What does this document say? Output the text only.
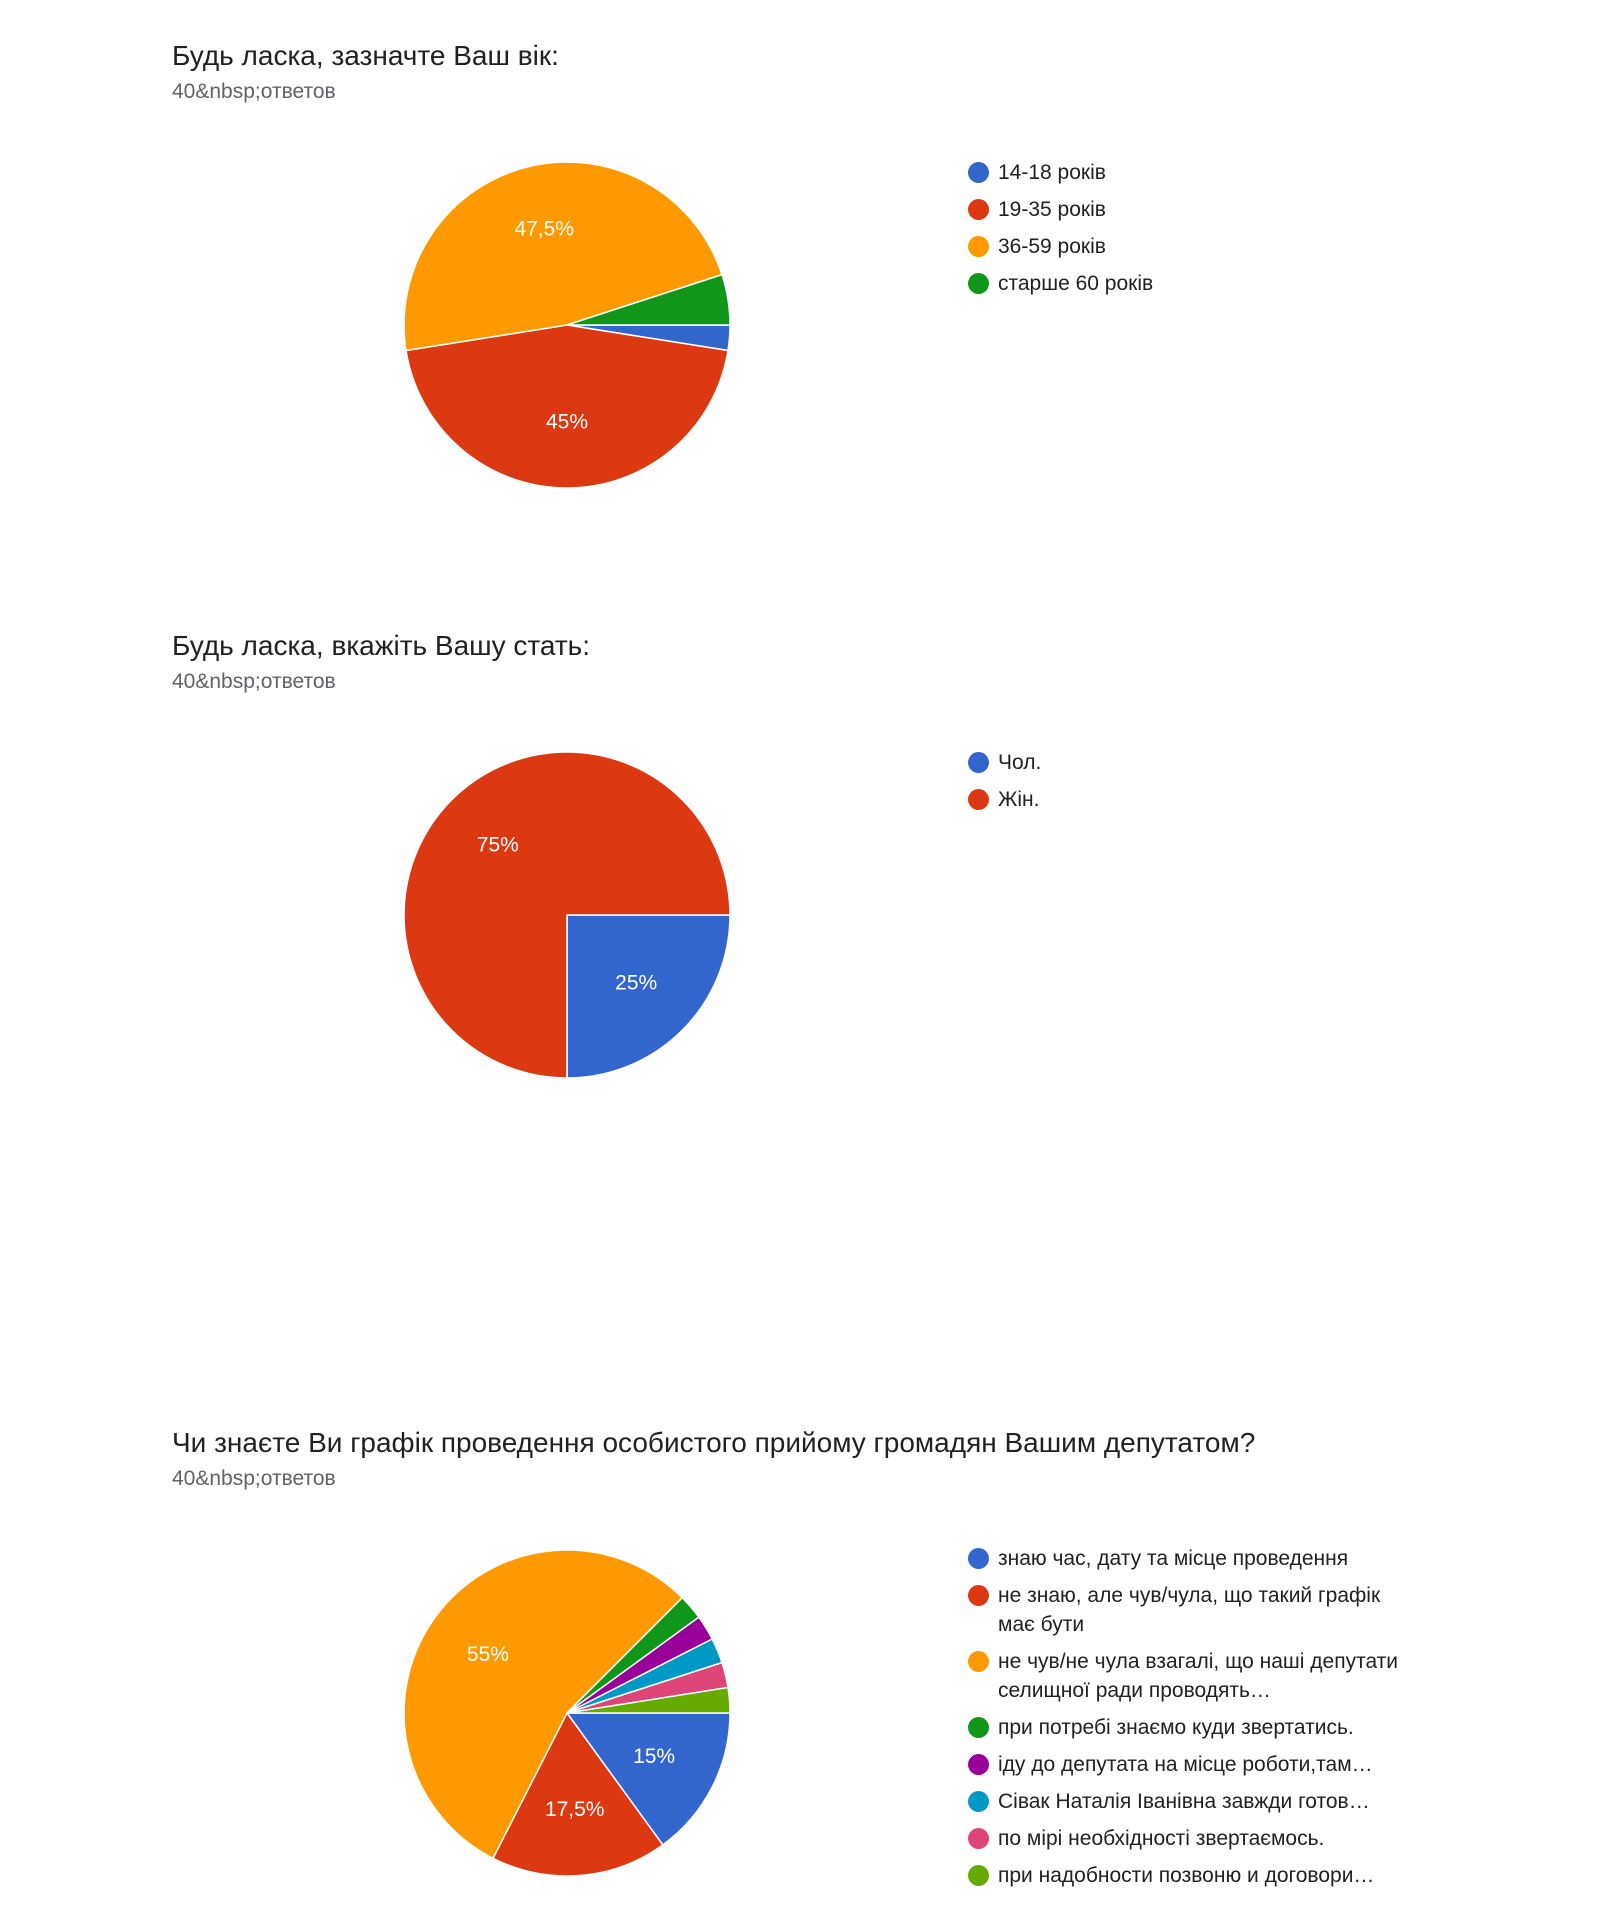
Будь ласка, зазначте Ваш вік:
40&nbsp;ответов
45%
47,5%
14-18 років
19-35 років
36-59 років
старше 60 років
Будь ласка, вкажіть Вашу стать:
40&nbsp;ответов
25%
75%
Чол.
Жін.
Чи знаєте Ви графік проведення особистого прийому громадян Вашим депутатом?
40&nbsp;ответов
15%
17,5%
55%
знаю час, дату та місце проведення
не знаю, але чув/чула, що такий графік має бути
не чув/не чула взагалі, що наші депутати селищної ради проводять…
при потребі знаємо куди звертатись.
іду до депутата на місце роботи,там…
Сівак Наталія Іванівна завжди готов…
по мірі необхідності звертаємось.
при надобности позвоню и договори…
